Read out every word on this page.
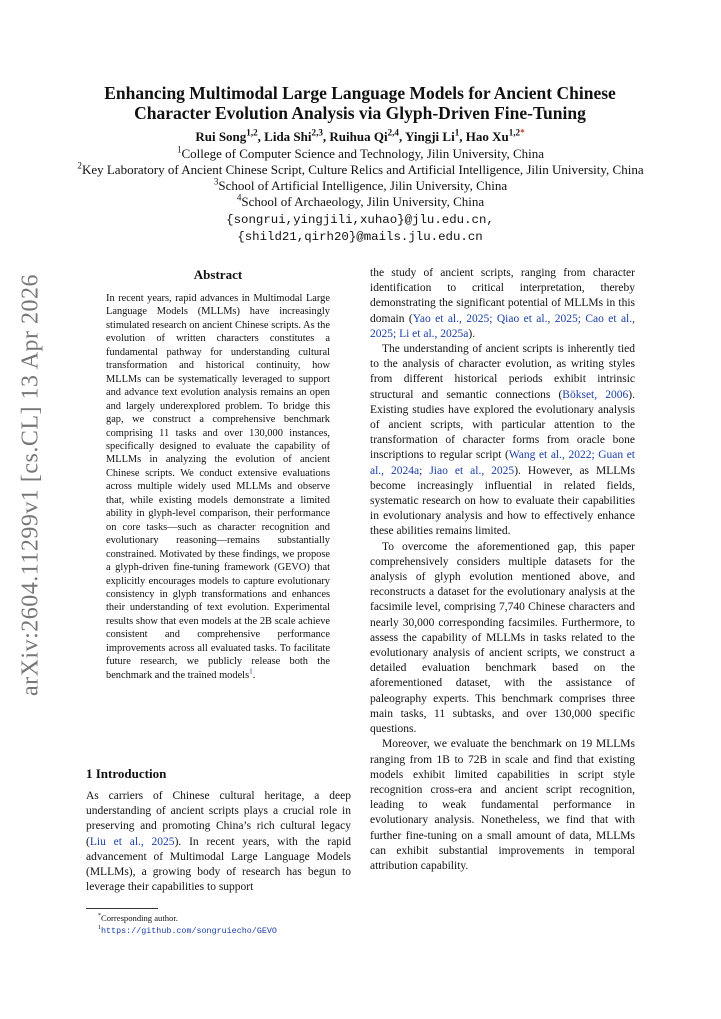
arXiv:2604.11299v1 [cs.CL] 13 Apr 2026
Enhancing Multimodal Large Language Models for Ancient Chinese
Character Evolution Analysis via Glyph-Driven Fine-Tuning
Rui Song$^{1,2}$, Lida Shi$^{2,3}$, Ruihua Qi$^{2,4}$, Yingji Li$^1$, Hao $Xu^{1,2*}$
$^1$College of Computer Science and Technology, Jilin University, China
$^2$Key Laboratory of Ancient Chinese Script, Culture Relics and Artificial Intelligence, Jilin University, China
$^3$School of Artificial Intelligence, Jilin University, China
$^4$School of Archaeology, Jilin University, China
{songrui,yingjili,xuhao}@jlu.edu.cn,
{shild21,qirh20}@mails.jlu.edu.cn
Abstract
In recent years, rapid advances in Multimodal Large Language Models (MLLMs) have increasingly stimulated research on ancient Chinese scripts. As the evolution of written characters constitutes a fundamental pathway for understanding cultural transformation and historical continuity, how MLLMs can be systematically leveraged to support and advance text evolution analysis remains an open and largely underexplored problem. To bridge this gap, we construct a comprehensive benchmark comprising 11 tasks and over 130,000 instances, specifically designed to evaluate the capability of MLLMs in analyzing the evolution of ancient Chinese scripts. We conduct extensive evaluations across multiple widely used MLLMs and observe that, while existing models demonstrate a limited ability in glyph-level comparison, their performance on core tasks—such as character recognition and evolutionary reasoning—remains substantially constrained. Motivated by these findings, we propose a glyph-driven fine-tuning framework (GEVO) that explicitly encourages models to capture evolutionary consistency in glyph transformations and enhances their understanding of text evolution. Experimental results show that even models at the 2B scale achieve consistent and comprehensive performance improvements across all evaluated tasks. To facilitate future research, we publicly release both the benchmark and the trained models$^1$.
1 Introduction

As carriers of Chinese cultural heritage, a deep understanding of ancient scripts plays a crucial role in preserving and promoting China’s rich cultural legacy (Liu et al., 2025). In recent years, with the rapid advancement of Multimodal Large Language Models (MLLMs), a growing body of research has begun to leverage their capabilities to support

*Corresponding author.
$^1$https://github.com/songruiecho/GEVO

the study of ancient scripts, ranging from character identification to critical interpretation, thereby demonstrating the significant potential of MLLMs in this domain (Yao et al., 2025; Qiao et al., 2025; Cao et al., 2025; Li et al., 2025a).

The understanding of ancient scripts is inherently tied to the analysis of character evolution, as writing styles from different historical periods exhibit intrinsic structural and semantic connections (Bökset, 2006). Existing studies have explored the evolutionary analysis of ancient scripts, with particular attention to the transformation of character forms from oracle bone inscriptions to regular script (Wang et al., 2022; Guan et al., 2024a; Jiao et al., 2025). However, as MLLMs become increasingly influential in related fields, systematic research on how to evaluate their capabilities in evolutionary analysis and how to effectively enhance these abilities remains limited.

To overcome the aforementioned gap, this paper comprehensively considers multiple datasets for the analysis of glyph evolution mentioned above, and reconstructs a dataset for the evolutionary analysis at the facsimile level, comprising 7,740 Chinese characters and nearly 30,000 corresponding facsimiles. Furthermore, to assess the capability of MLLMs in tasks related to the evolutionary analysis of ancient scripts, we construct a detailed evaluation benchmark based on the aforementioned dataset, with the assistance of paleography experts. This benchmark comprises three main tasks, 11 subtasks, and over 130,000 specific questions.

Moreover, we evaluate the benchmark on 19 MLLMs ranging from 1B to 72B in scale and find that existing models exhibit limited capabilities in script style recognition cross-era and ancient script recognition, leading to weak fundamental performance in evolutionary analysis. Nonetheless, we find that with further fine-tuning on a small amount of data, MLLMs can exhibit substantial improvements in temporal attribution capability.
